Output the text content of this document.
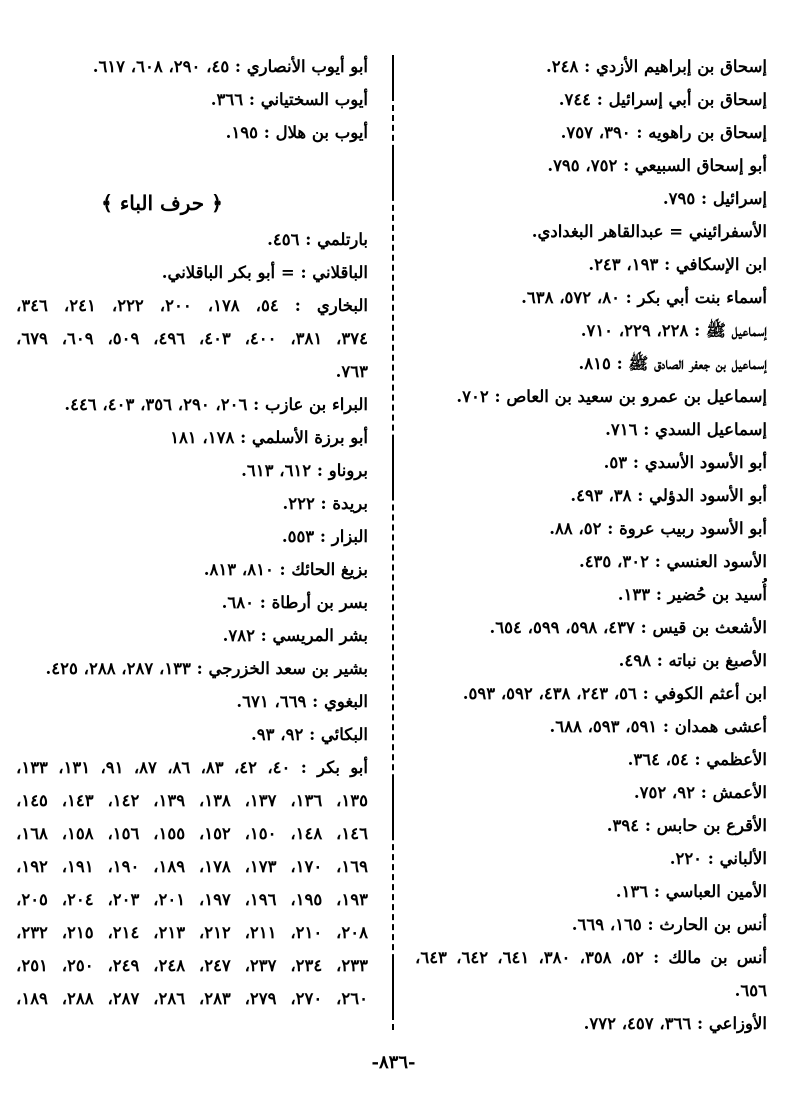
إسحاق بن إبراهيم الأزدي : ٢٤٨.
إسحاق بن أبي إسرائيل : ٧٤٤.
إسحاق بن راهويه : ٣٩٠، ٧٥٧.
أبو إسحاق السبيعي : ٧٥٢، ٧٩٥.
إسرائيل : ٧٩٥.
الأسفرائيني = عبدالقاهر البغدادي.
ابن الإسكافي : ١٩٣، ٢٤٣.
أسماء بنت أبي بكر : ٨٠، ٥٧٢، ٦٣٨.
إسماعيل ﷺ : ٢٢٨، ٢٢٩، ٧١٠.
إسماعيل بن جعفر الصادق ﷺ : ٨١٥.
إسماعيل بن عمرو بن سعيد بن العاص : ٧٠٢.
إسماعيل السدي : ٧١٦.
أبو الأسود الأسدي : ٥٣.
أبو الأسود الدؤلي : ٣٨، ٤٩٣.
أبو الأسود ربيب عروة : ٥٢، ٨٨.
الأسود العنسي : ٣٠٢، ٤٣٥.
أُسيد بن حُضير : ١٣٣.
الأشعث بن قيس : ٤٣٧، ٥٩٨، ٥٩٩، ٦٥٤.
الأصبغ بن نباته : ٤٩٨.
ابن أعثم الكوفي : ٥٦، ٢٤٣، ٤٣٨، ٥٩٢، ٥٩٣.
أعشى همدان : ٥٩١، ٥٩٣، ٦٨٨.
الأعظمي : ٥٤، ٣٦٤.
الأعمش : ٩٢، ٧٥٢.
الأقرع بن حابس : ٣٩٤.
الألباني : ٢٢٠.
الأمين العباسي : ١٣٦.
أنس بن الحارث : ١٦٥، ٦٦٩.
أنس بن مالك : ٥٢، ٣٥٨، ٣٨٠، ٦٤١، ٦٤٢، ٦٤٣،
٦٥٦.
الأوزاعي : ٣٦٦، ٤٥٧، ٧٧٢.
أبو أيوب الأنصاري : ٤٥، ٢٩٠، ٦٠٨، ٦١٧.
أيوب السختياني : ٣٦٦.
أيوب بن هلال : ١٩٥.
﴿ حرف الباء ﴾
بارتلمي : ٤٥٦.
الباقلاني : = أبو بكر الباقلاني.
البخاري : ٥٤، ١٧٨، ٢٠٠، ٢٢٢، ٢٤١، ٣٤٦،
٣٧٤، ٣٨١، ٤٠٠، ٤٠٣، ٤٩٦، ٥٠٩، ٦٠٩، ٦٧٩،
٧٦٣.
البراء بن عازب : ٢٠٦، ٢٩٠، ٣٥٦، ٤٠٣، ٤٤٦.
أبو برزة الأسلمي : ١٧٨، ١٨١
بروناو : ٦١٢، ٦١٣.
بريدة : ٢٢٢.
البزار : ٥٥٣.
بزيغ الحائك : ٨١٠، ٨١٣.
بسر بن أرطاة : ٦٨٠.
بشر المريسي : ٧٨٢.
بشير بن سعد الخزرجي : ١٣٣، ٢٨٧، ٢٨٨، ٤٢٥.
البغوي : ٦٦٩، ٦٧١.
البكائي : ٩٢، ٩٣.
أبو بكر : ٤٠، ٤٢، ٨٣، ٨٦، ٨٧، ٩١، ١٣١، ١٣٣،
١٣٥، ١٣٦، ١٣٧، ١٣٨، ١٣٩، ١٤٢، ١٤٣، ١٤٥،
١٤٦، ١٤٨، ١٥٠، ١٥٢، ١٥٥، ١٥٦، ١٥٨، ١٦٨،
١٦٩، ١٧٠، ١٧٣، ١٧٨، ١٨٩، ١٩٠، ١٩١، ١٩٢،
١٩٣، ١٩٥، ١٩٦، ١٩٧، ٢٠١، ٢٠٣، ٢٠٤، ٢٠٥،
٢٠٨، ٢١٠، ٢١١، ٢١٢، ٢١٣، ٢١٤، ٢١٥، ٢٣٢،
٢٣٣، ٢٣٤، ٢٣٧، ٢٤٧، ٢٤٨، ٢٤٩، ٢٥٠، ٢٥١،
٢٦٠، ٢٧٠، ٢٧٩، ٢٨٣، ٢٨٦، ٢٨٧، ٢٨٨، ١٨٩،
-٨٣٦-
